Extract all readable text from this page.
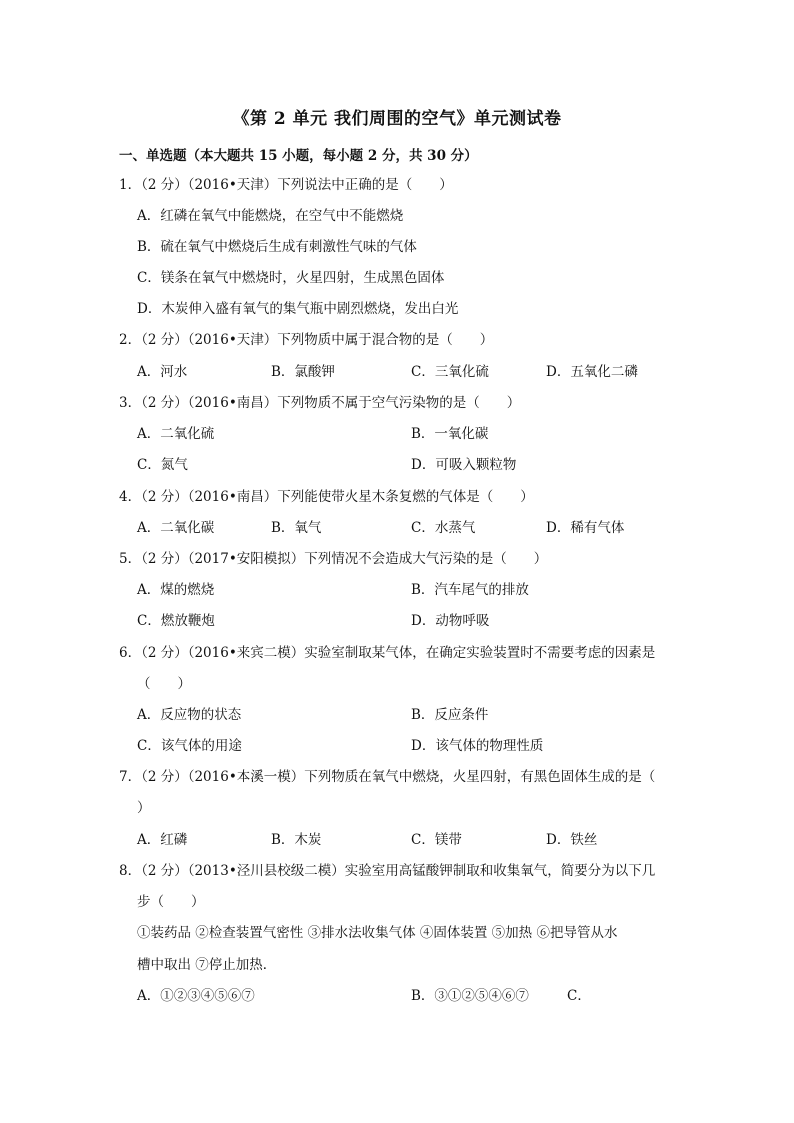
《第 2 单元 我们周围的空气》单元测试卷
一、单选题（本大题共 15 小题，每小题 2 分，共 30 分）
1．（2 分）（2016•天津）下列说法中正确的是（　　）
A．红磷在氧气中能燃烧，在空气中不能燃烧
B．硫在氧气中燃烧后生成有刺激性气味的气体
C．镁条在氧气中燃烧时，火星四射，生成黑色固体
D．木炭伸入盛有氧气的集气瓶中剧烈燃烧，发出白光
2．（2 分）（2016•天津）下列物质中属于混合物的是（　　）
A．河水	B．氯酸钾	C．三氧化硫	D．五氧化二磷
3．（2 分）（2016•南昌）下列物质不属于空气污染物的是（　　）
A．二氧化硫	B．一氧化碳
C．氮气	D．可吸入颗粒物
4．（2 分）（2016•南昌）下列能使带火星木条复燃的气体是（　　）
A．二氧化碳	B．氧气	C．水蒸气	D．稀有气体
5．（2 分）（2017•安阳模拟）下列情况不会造成大气污染的是（　　）
A．煤的燃烧	B．汽车尾气的排放
C．燃放鞭炮	D．动物呼吸
6．（2 分）（2016•来宾二模）实验室制取某气体，在确定实验装置时不需要考虑的因素是
（　　）
A．反应物的状态	B．反应条件
C．该气体的用途	D．该气体的物理性质
7．（2 分）（2016•本溪一模）下列物质在氧气中燃烧，火星四射，有黑色固体生成的是（
）
A．红磷	B．木炭	C．镁带	D．铁丝
8．（2 分）（2013•泾川县校级二模）实验室用高锰酸钾制取和收集氧气，简要分为以下几
步（　　）
①装药品 ②检查装置气密性 ③排水法收集气体 ④固体装置 ⑤加热 ⑥把导管从水
槽中取出 ⑦停止加热．
A．①②③④⑤⑥⑦	B．③①②⑤④⑥⑦	C．
